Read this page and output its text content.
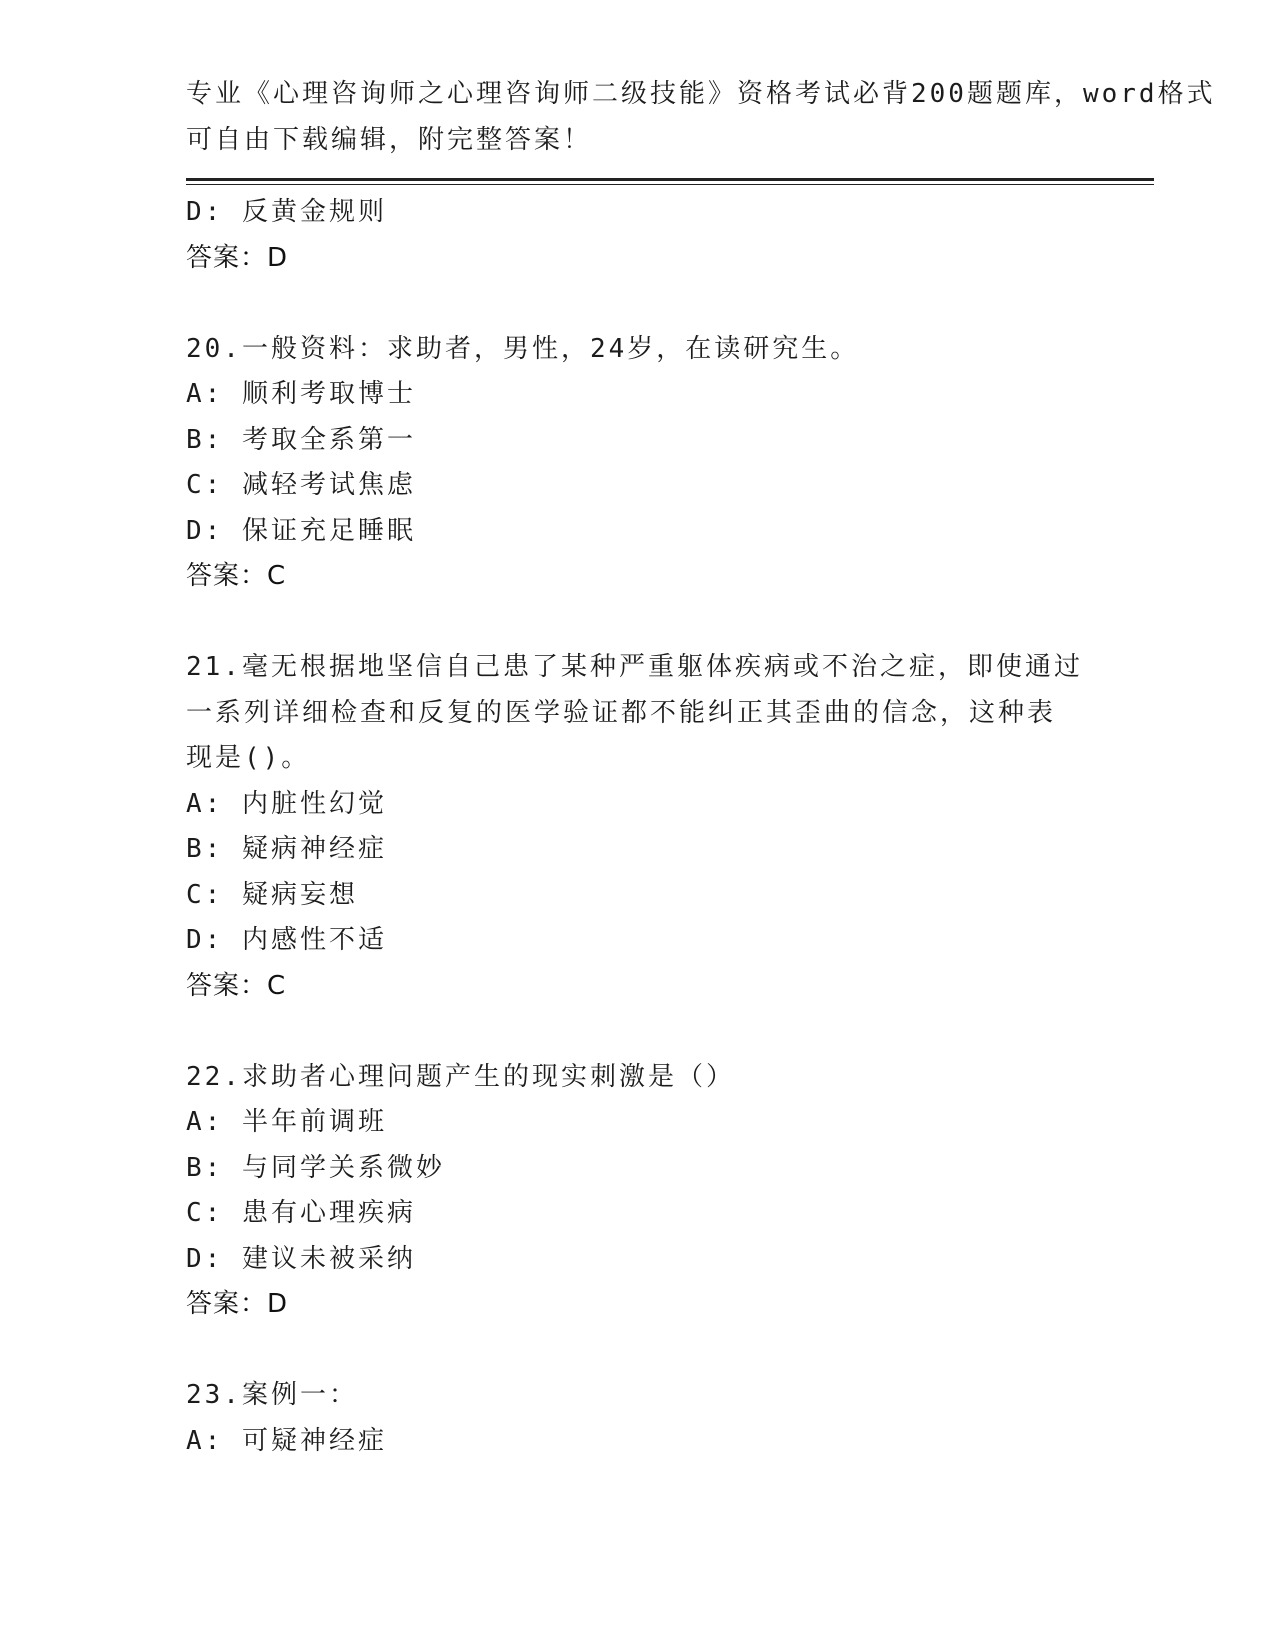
专业《心理咨询师之心理咨询师二级技能》资格考试必背200题题库，word格式
可自由下载编辑，附完整答案！
D: 反黄金规则
答案：D
20.一般资料：求助者，男性，24岁，在读研究生。
A: 顺利考取博士
B: 考取全系第一
C: 减轻考试焦虑
D: 保证充足睡眠
答案：C
21.毫无根据地坚信自己患了某种严重躯体疾病或不治之症，即使通过
一系列详细检查和反复的医学验证都不能纠正其歪曲的信念，这种表
现是()。
A: 内脏性幻觉
B: 疑病神经症
C: 疑病妄想
D: 内感性不适
答案：C
22.求助者心理问题产生的现实刺激是（）
A: 半年前调班
B: 与同学关系微妙
C: 患有心理疾病
D: 建议未被采纳
答案：D
23.案例一：
A: 可疑神经症
